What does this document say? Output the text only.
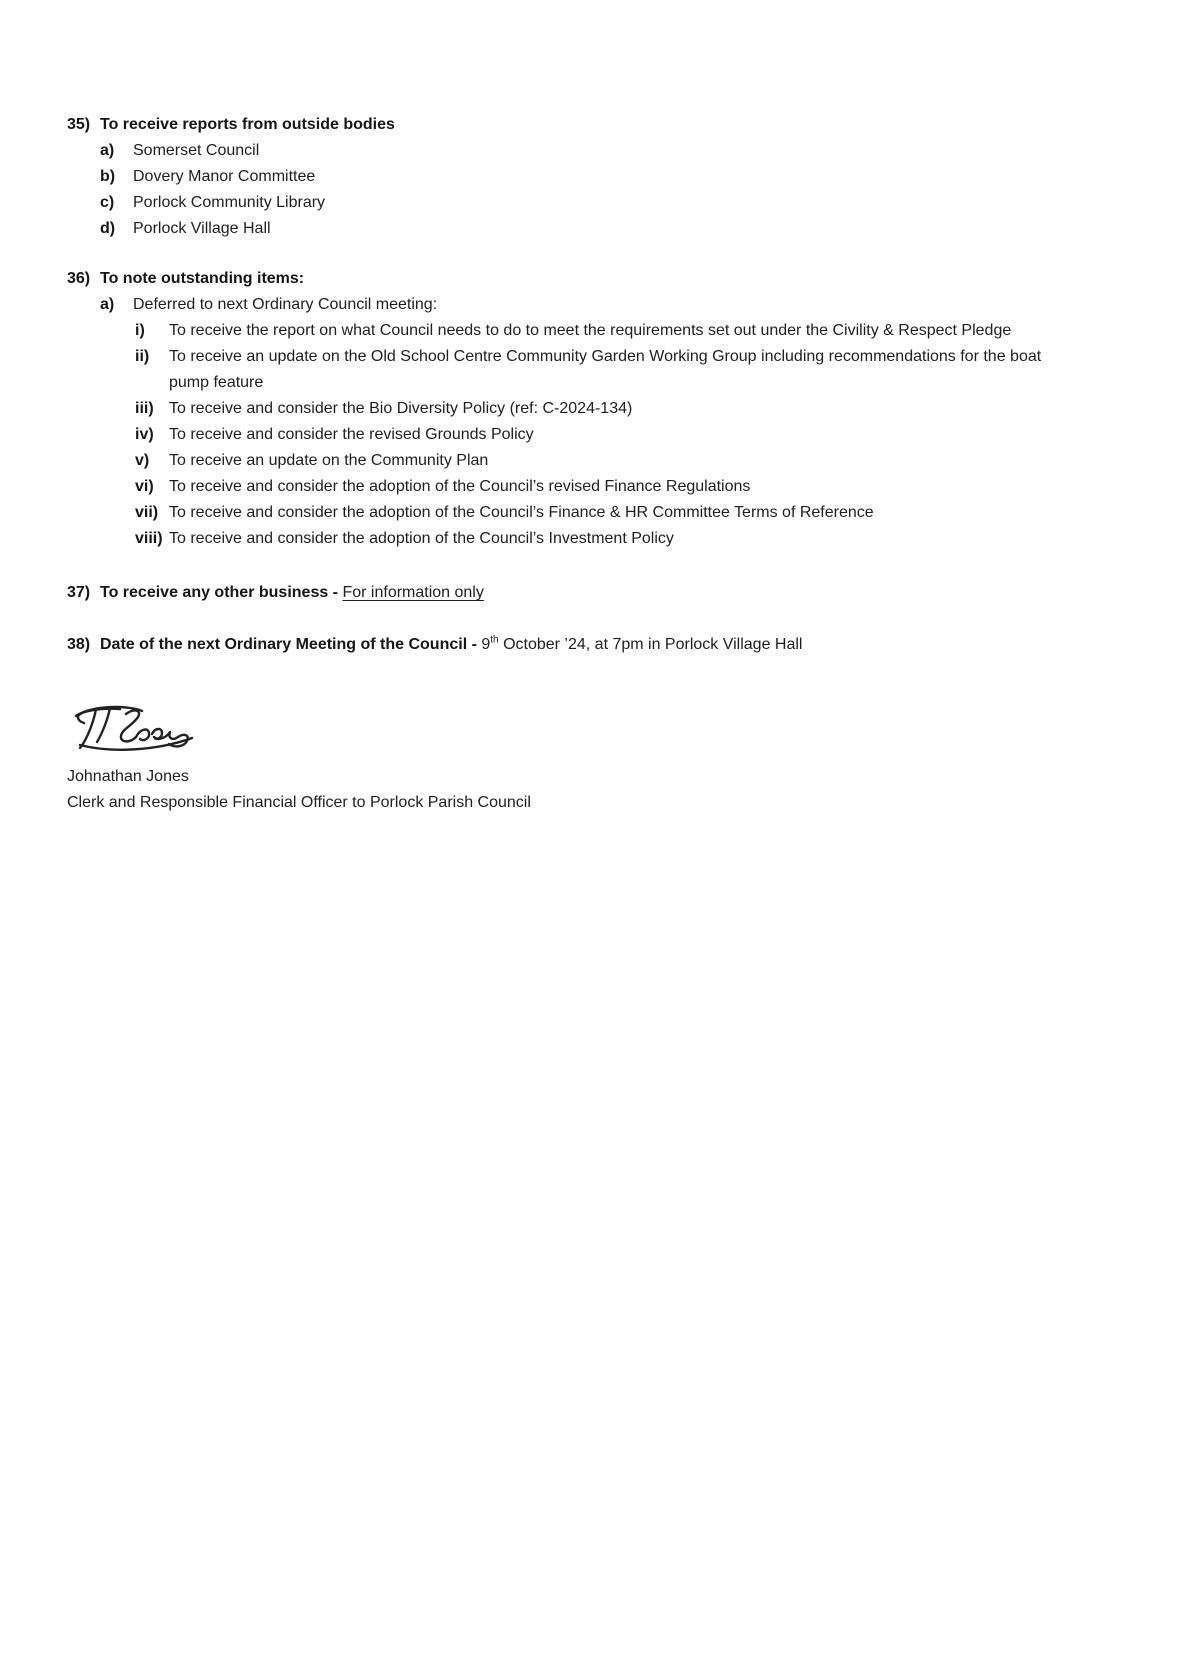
35) To receive reports from outside bodies
a)	Somerset Council
b)	Dovery Manor Committee
c)	Porlock Community Library
d)	Porlock Village Hall
36) To note outstanding items:
a)	Deferred to next Ordinary Council meeting:
i)	To receive the report on what Council needs to do to meet the requirements set out under the Civility & Respect Pledge
ii)	To receive an update on the Old School Centre Community Garden Working Group including recommendations for the boat pump feature
iii) To receive and consider the Bio Diversity Policy (ref: C-2024-134)
iv) To receive and consider the revised Grounds Policy
v)	To receive an update on the Community Plan
vi) To receive and consider the adoption of the Council’s revised Finance Regulations
vii) To receive and consider the adoption of the Council’s Finance & HR Committee Terms of Reference
viii) To receive and consider the adoption of the Council’s Investment Policy
37) To receive any other business - For information only
38) Date of the next Ordinary Meeting of the Council - 9th October ’24, at 7pm in Porlock Village Hall
Johnathan Jones
Clerk and Responsible Financial Officer to Porlock Parish Council
